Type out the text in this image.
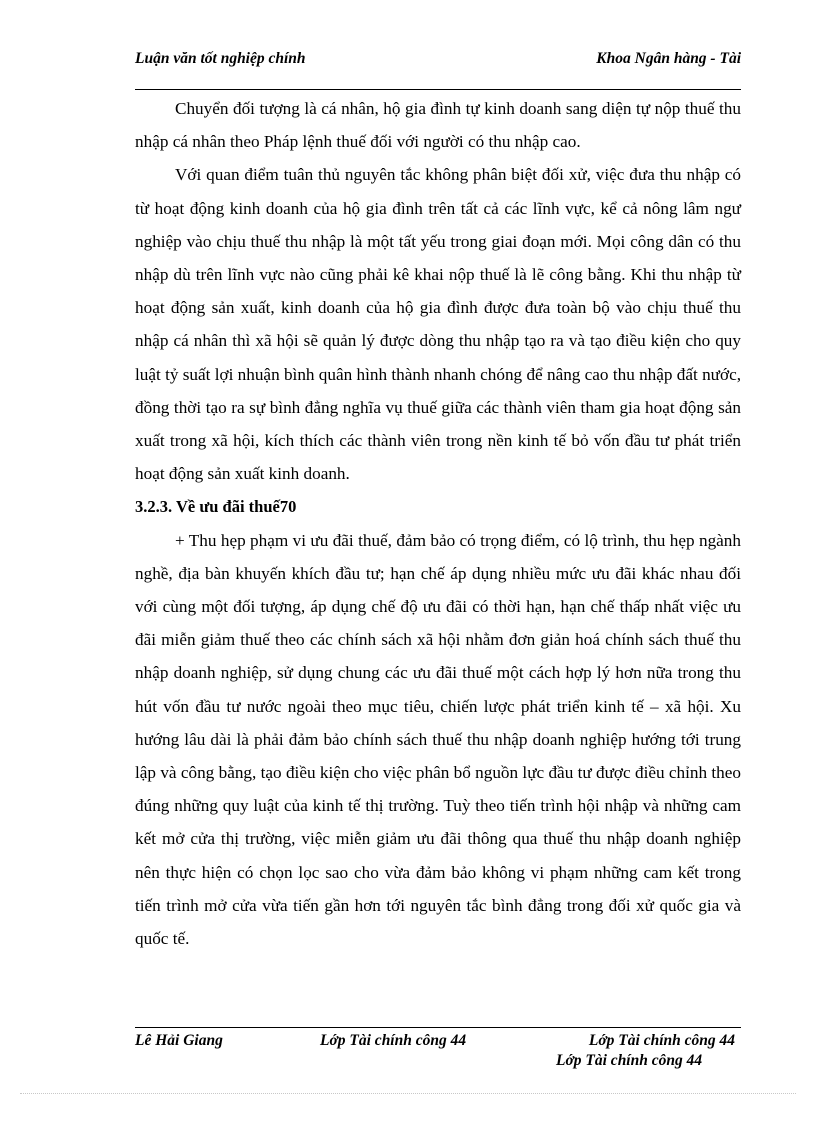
Luận văn tốt nghiệp chính	Khoa Ngân hàng - Tài

Chuyển đối tượng là cá nhân, hộ gia đình tự kinh doanh sang diện tự nộp thuế thu nhập cá nhân theo Pháp lệnh thuế đối với người có thu nhập cao.

Với quan điểm tuân thủ nguyên tắc không phân biệt đối xử, việc đưa thu nhập có từ hoạt động kinh doanh của hộ gia đình trên tất cả các lĩnh vực, kể cả nông lâm ngư nghiệp vào chịu thuế thu nhập là một tất yếu trong giai đoạn mới. Mọi công dân có thu nhập dù trên lĩnh vực nào cũng phải kê khai nộp thuế là lẽ công bằng. Khi thu nhập từ hoạt động sản xuất, kinh doanh của hộ gia đình được đưa toàn bộ vào chịu thuế thu nhập cá nhân thì xã hội sẽ quản lý được dòng thu nhập tạo ra và tạo điều kiện cho quy luật tỷ suất lợi nhuận bình quân hình thành nhanh chóng để nâng cao thu nhập đất nước, đồng thời tạo ra sự bình đẳng nghĩa vụ thuế giữa các thành viên tham gia hoạt động sản xuất trong xã hội, kích thích các thành viên trong nền kinh tế bỏ vốn đầu tư phát triển hoạt động sản xuất kinh doanh.

3.2.3. Về ưu đãi thuế70

+ Thu hẹp phạm vi ưu đãi thuế, đảm bảo có trọng điểm, có lộ trình, thu hẹp ngành nghề, địa bàn khuyến khích đầu tư; hạn chế áp dụng nhiều mức ưu đãi khác nhau đối với cùng một đối tượng, áp dụng chế độ ưu đãi có thời hạn, hạn chế thấp nhất việc ưu đãi miễn giảm thuế theo các chính sách xã hội nhằm đơn giản hoá chính sách thuế thu nhập doanh nghiệp, sử dụng chung các ưu đãi thuế một cách hợp lý hơn nữa trong thu hút vốn đầu tư nước ngoài theo mục tiêu, chiến lược phát triển kinh tế – xã hội. Xu hướng lâu dài là phải đảm bảo chính sách thuế thu nhập doanh nghiệp hướng tới trung lập và công bằng, tạo điều kiện cho việc phân bổ nguồn lực đầu tư được điều chỉnh theo đúng những quy luật của kinh tế thị trường. Tuỳ theo tiến trình hội nhập và những cam kết mở cửa thị trường, việc miễn giảm ưu đãi thông qua thuế thu nhập doanh nghiệp nên thực hiện có chọn lọc sao cho vừa đảm bảo không vi phạm những cam kết trong tiến trình mở cửa vừa tiến gần hơn tới nguyên tắc bình đẳng trong đối xử quốc gia và quốc tế.

Lê Hải Giang	Lớp Tài chính công 44	Lớp Tài chính công 44
Lớp Tài chính công 44
